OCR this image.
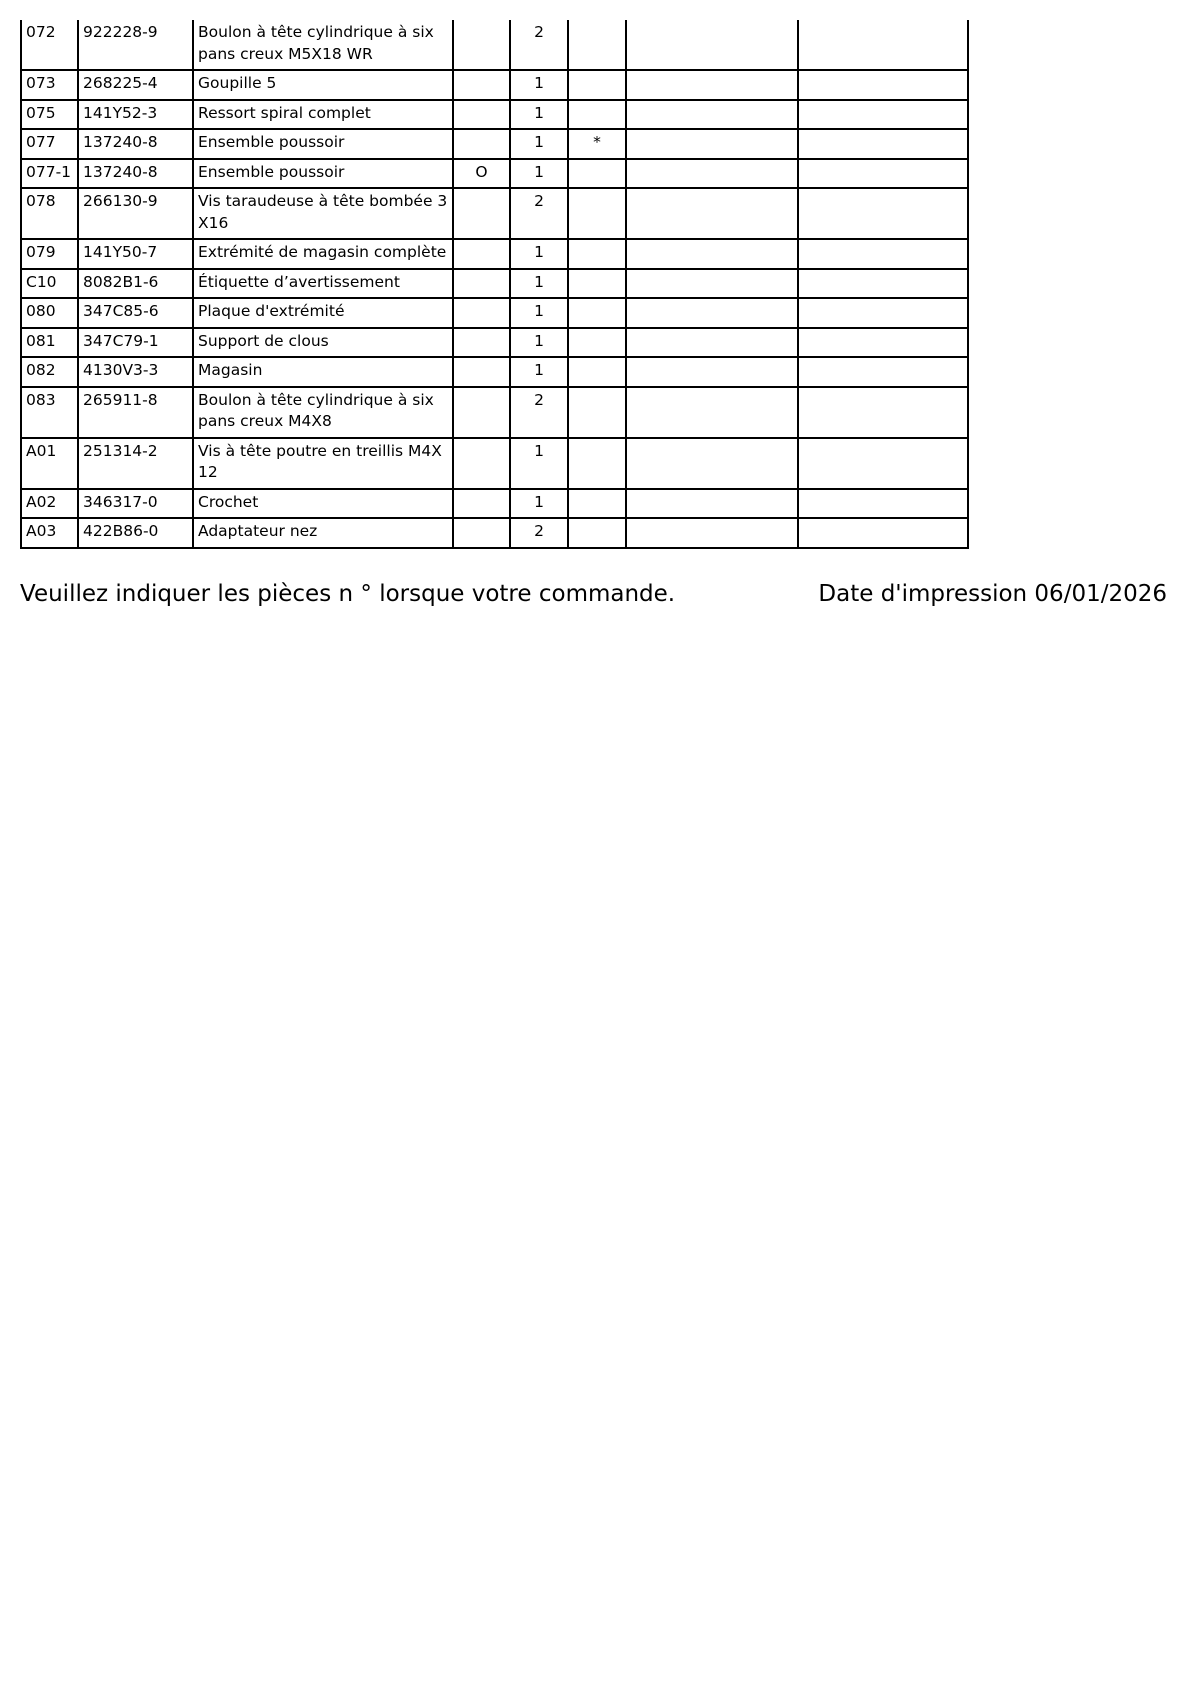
072	922228-9	Boulon à tête cylindrique à six pans creux M5X18 WR		2			
073	268225-4	Goupille 5		1			
075	141Y52-3	Ressort spiral complet		1			
077	137240-8	Ensemble poussoir		1	*		
077-1	137240-8	Ensemble poussoir	O	1			
078	266130-9	Vis taraudeuse à tête bombée 3X16		2			
079	141Y50-7	Extrémité de magasin complète		1			
C10	8082B1-6	Étiquette d’avertissement		1			
080	347C85-6	Plaque d'extrémité		1			
081	347C79-1	Support de clous		1			
082	4130V3-3	Magasin		1			
083	265911-8	Boulon à tête cylindrique à six pans creux M4X8		2			
A01	251314-2	Vis à tête poutre en treillis M4X12		1			
A02	346317-0	Crochet		1			
A03	422B86-0	Adaptateur nez		2			
Veuillez indiquer les pièces n ° lorsque votre commande.	Date d'impression 06/01/2026
